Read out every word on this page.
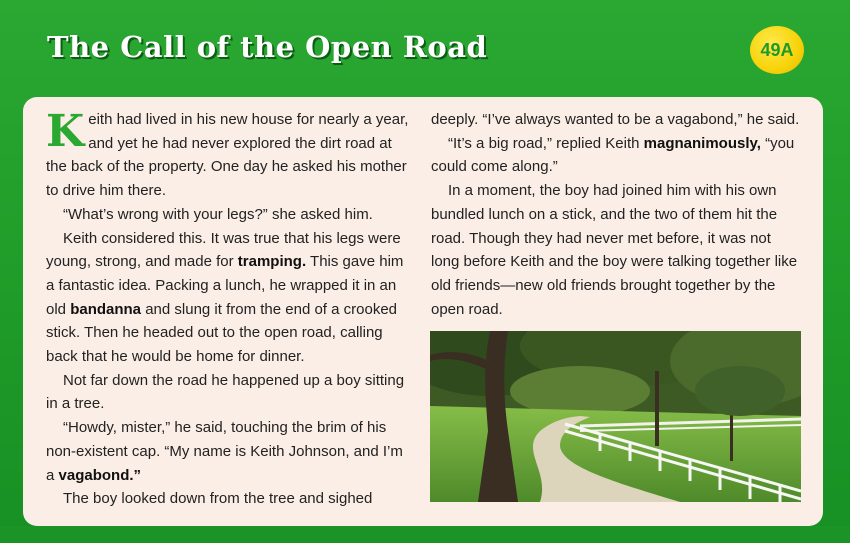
The Call of the Open Road	49A

Keith had lived in his new house for nearly a year, and yet he had never explored the dirt road at the back of the property. One day he asked his mother to drive him there.

“What’s wrong with your legs?” she asked him.

Keith considered this. It was true that his legs were young, strong, and made for tramping. This gave him a fantastic idea. Packing a lunch, he wrapped it in an old bandanna and slung it from the end of a crooked stick. Then he headed out to the open road, calling back that he would be home for dinner.

Not far down the road he happened up a boy sitting in a tree.

“Howdy, mister,” he said, touching the brim of his non-existent cap. “My name is Keith Johnson, and I’m a vagabond.”

The boy looked down from the tree and sighed

deeply. “I’ve always wanted to be a vagabond,” he said.

“It’s a big road,” replied Keith magnanimously, “you could come along.”

In a moment, the boy had joined him with his own bundled lunch on a stick, and the two of them hit the road. Though they had never met before, it was not long before Keith and the boy were talking together like old friends—new old friends brought together by the open road.
